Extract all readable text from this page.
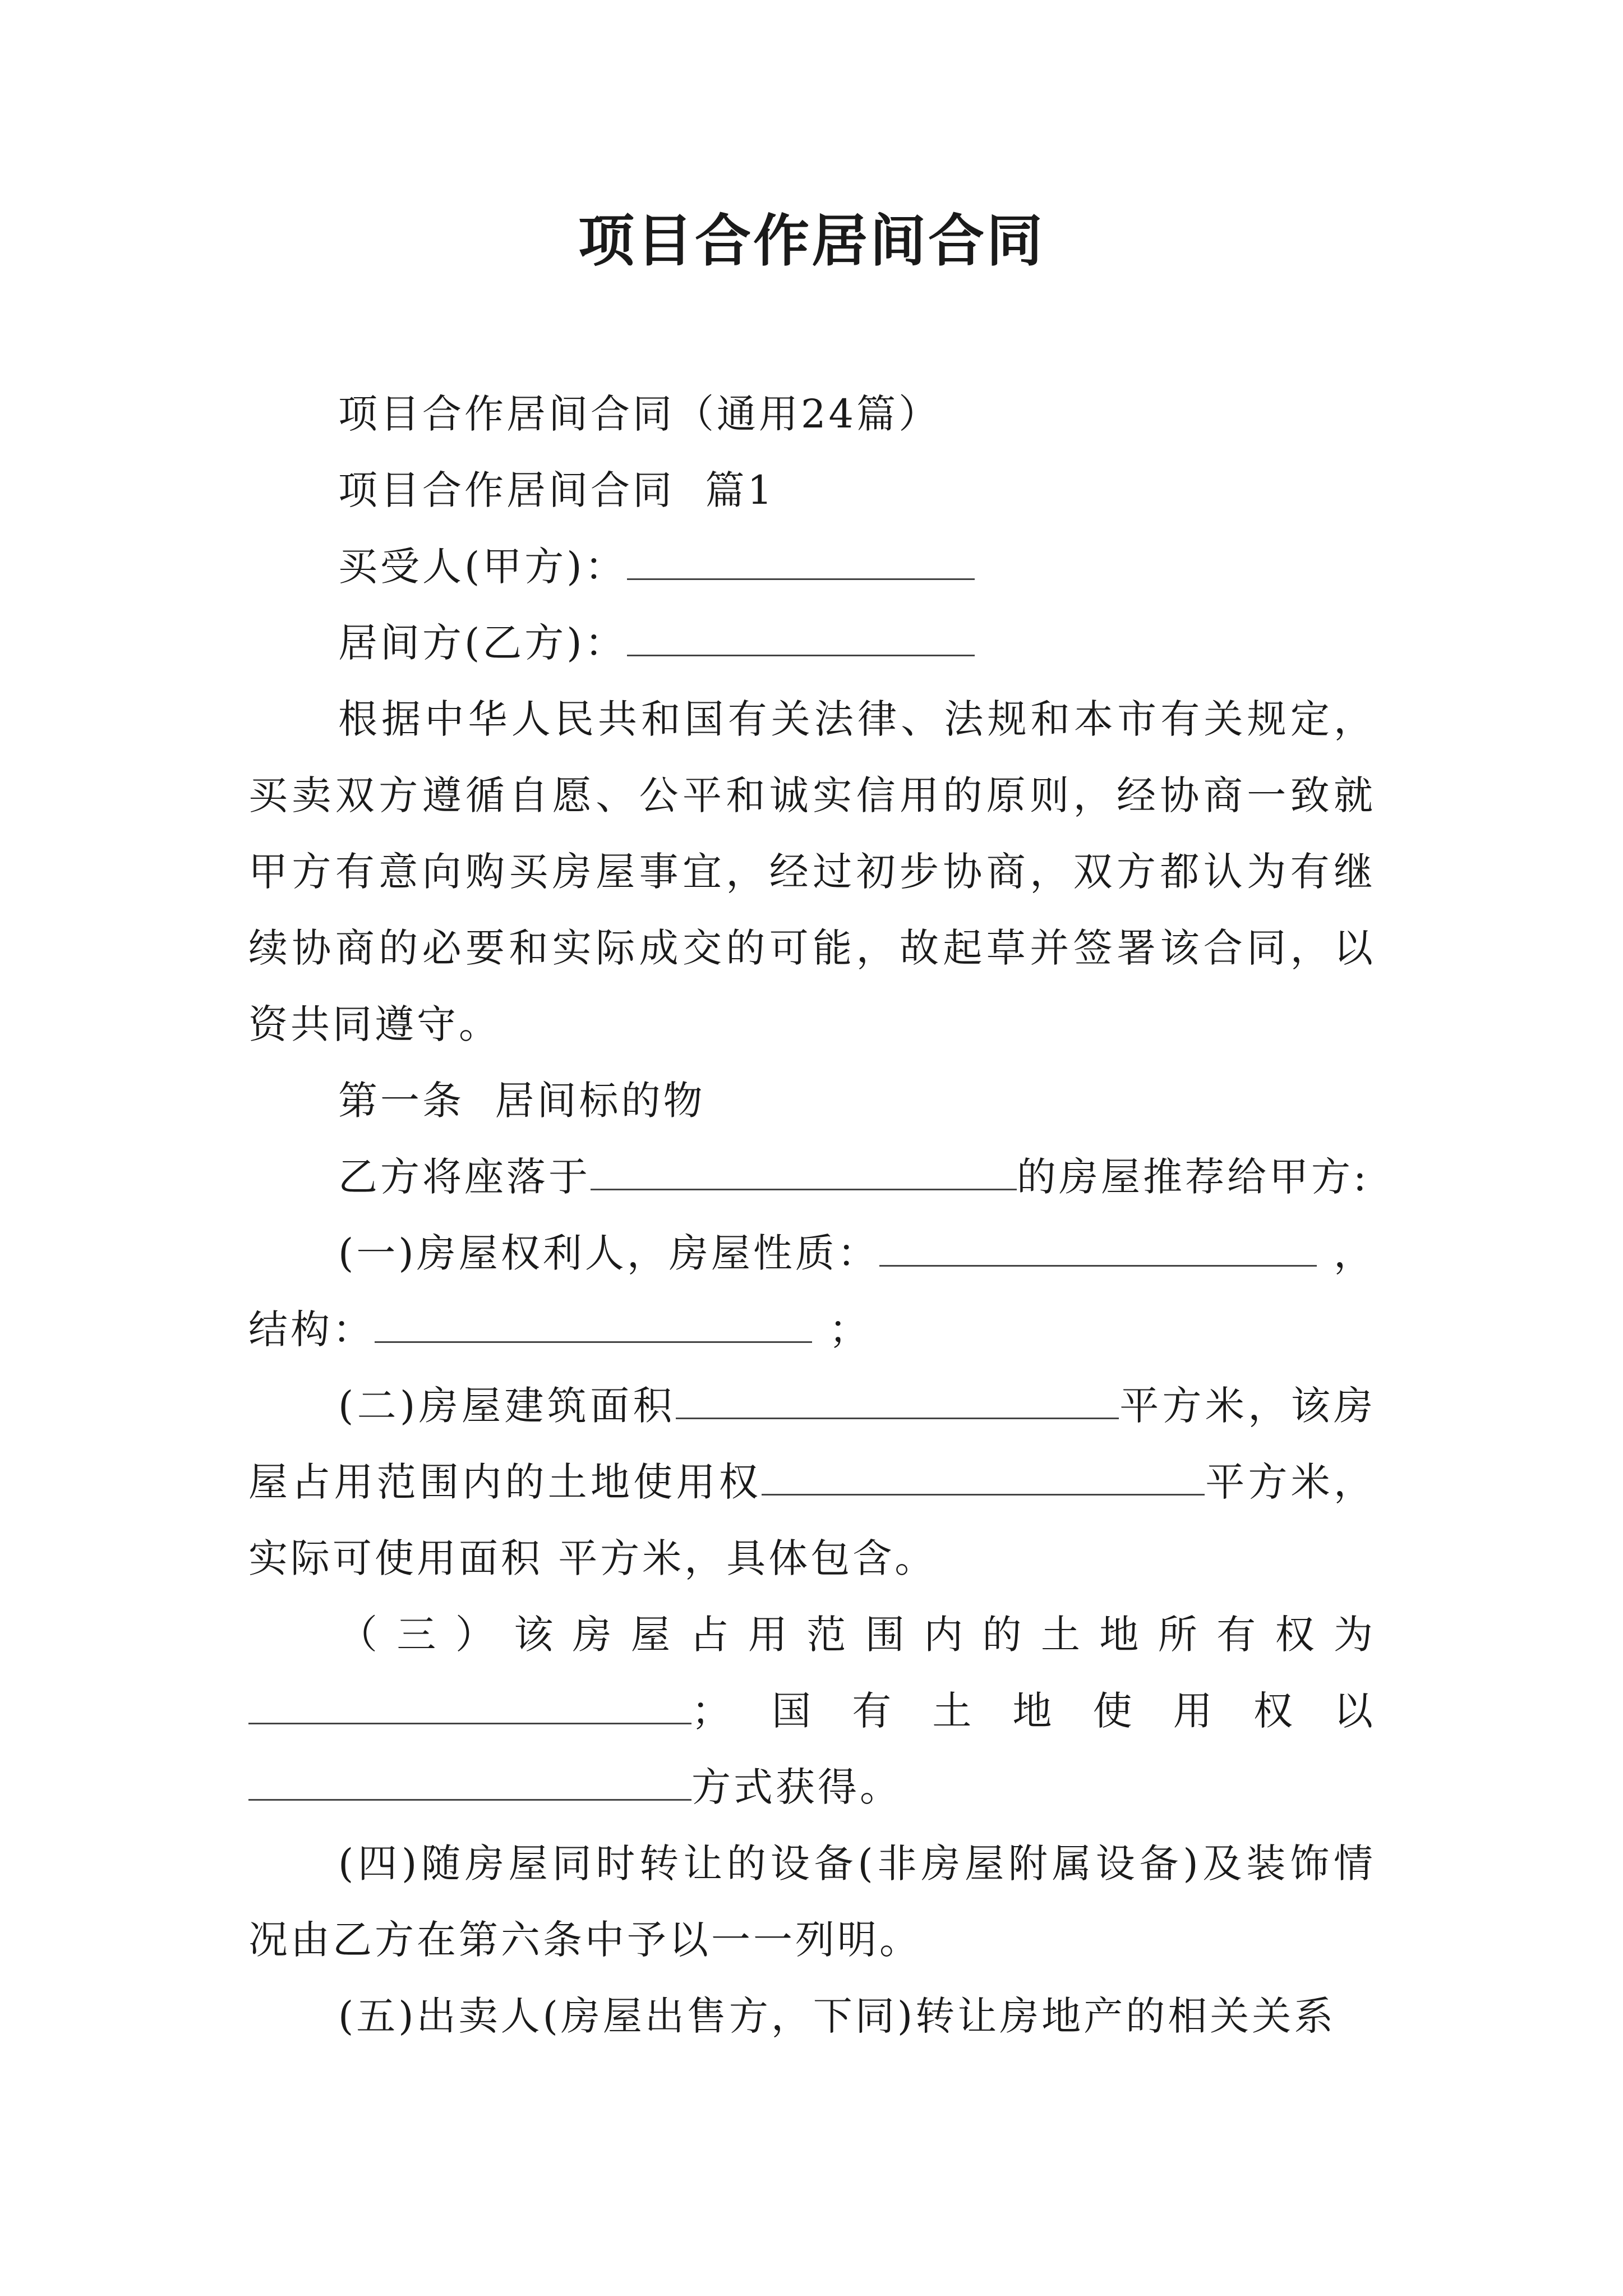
项目合作居间合同

项目合作居间合同（通用24篇）

项目合作居间合同  篇1

买受人(甲方)：

居间方(乙方)：

根据中华人民共和国有关法律、法规和本市有关规定，买卖双方遵循自愿、公平和诚实信用的原则，经协商一致就甲方有意向购买房屋事宜，经过初步协商，双方都认为有继续协商的必要和实际成交的可能，故起草并签署该合同，以资共同遵守。

第一条  居间标的物

乙方将座落于	的房屋推荐给甲方:

(一)房屋权利人，房屋性质：	， 结构：	；

(二)房屋建筑面积	平方米，该房屋占用范围内的土地使用权	平方米，实际可使用面积 平方米，具体包含。

（三）该房屋占用范围内的土地所有权为 ；国有土地使用权以

方式获得。

(四)随房屋同时转让的设备(非房屋附属设备)及装饰情况由乙方在第六条中予以一一列明。

(五)出卖人(房屋出售方，下同)转让房地产的相关关系
